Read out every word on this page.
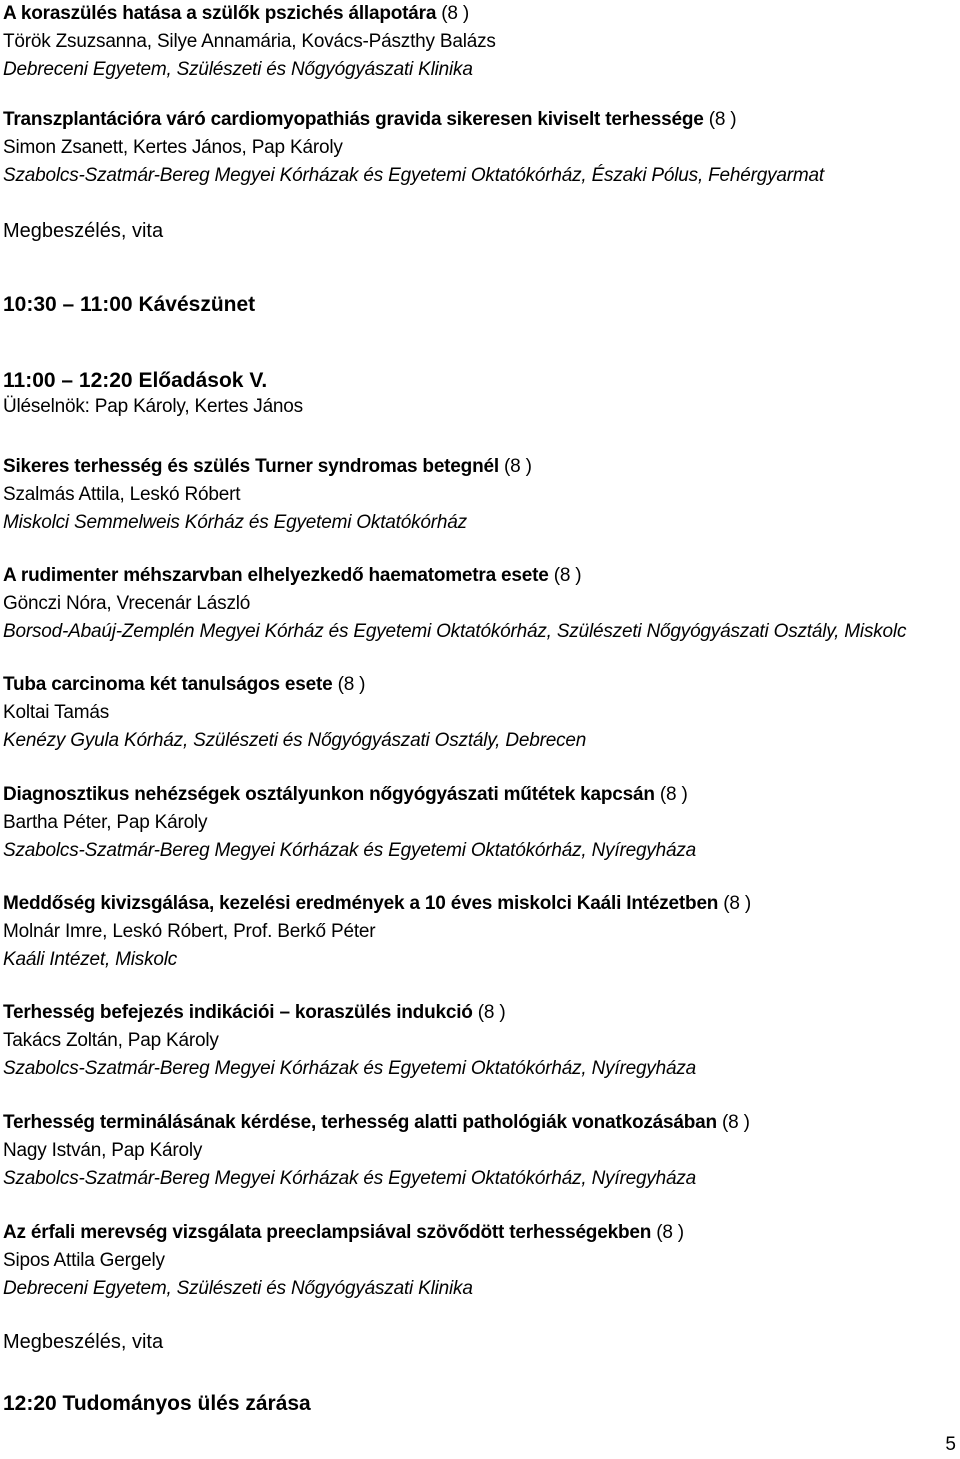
A koraszülés hatása a szülők pszichés állapotára (8 )
Török Zsuzsanna, Silye Annamária, Kovács-Pászthy Balázs
Debreceni Egyetem, Szülészeti és Nőgyógyászati Klinika
Transzplantációra váró cardiomyopathiás gravida sikeresen kiviselt terhessége (8 )
Simon Zsanett, Kertes János, Pap Károly
Szabolcs-Szatmár-Bereg Megyei Kórházak és Egyetemi Oktatókórház, Északi Pólus, Fehérgyarmat
Megbeszélés, vita
10:30 – 11:00 Kávészünet
11:00 – 12:20 Előadások V.
Üléselnök: Pap Károly, Kertes János
Sikeres terhesség és szülés Turner syndromas betegnél (8 )
Szalmás Attila, Leskó Róbert
Miskolci Semmelweis Kórház és Egyetemi Oktatókórház
A rudimenter méhszarvban elhelyezkedő haematometra esete (8 )
Gönczi Nóra, Vrecenár László
Borsod-Abaúj-Zemplén Megyei Kórház és Egyetemi Oktatókórház, Szülészeti Nőgyógyászati Osztály, Miskolc
Tuba carcinoma két tanulságos esete (8 )
Koltai Tamás
Kenézy Gyula Kórház, Szülészeti és Nőgyógyászati Osztály, Debrecen
Diagnosztikus nehézségek osztályunkon nőgyógyászati műtétek kapcsán (8 )
Bartha Péter, Pap Károly
Szabolcs-Szatmár-Bereg Megyei Kórházak és Egyetemi Oktatókórház, Nyíregyháza
Meddőség kivizsgálása, kezelési eredmények a 10 éves miskolci Kaáli Intézetben (8 )
Molnár Imre, Leskó Róbert, Prof. Berkő Péter
Kaáli Intézet, Miskolc
Terhesség befejezés indikációi – koraszülés indukció (8 )
Takács Zoltán, Pap Károly
Szabolcs-Szatmár-Bereg Megyei Kórházak és Egyetemi Oktatókórház, Nyíregyháza
Terhesség terminálásának kérdése, terhesség alatti pathológiák vonatkozásában (8 )
Nagy István, Pap Károly
Szabolcs-Szatmár-Bereg Megyei Kórházak és Egyetemi Oktatókórház, Nyíregyháza
Az érfali merevség vizsgálata preeclampsiával szövődött terhességekben (8 )
Sipos Attila Gergely
Debreceni Egyetem, Szülészeti és Nőgyógyászati Klinika
Megbeszélés, vita
12:20 Tudományos ülés zárása
5
